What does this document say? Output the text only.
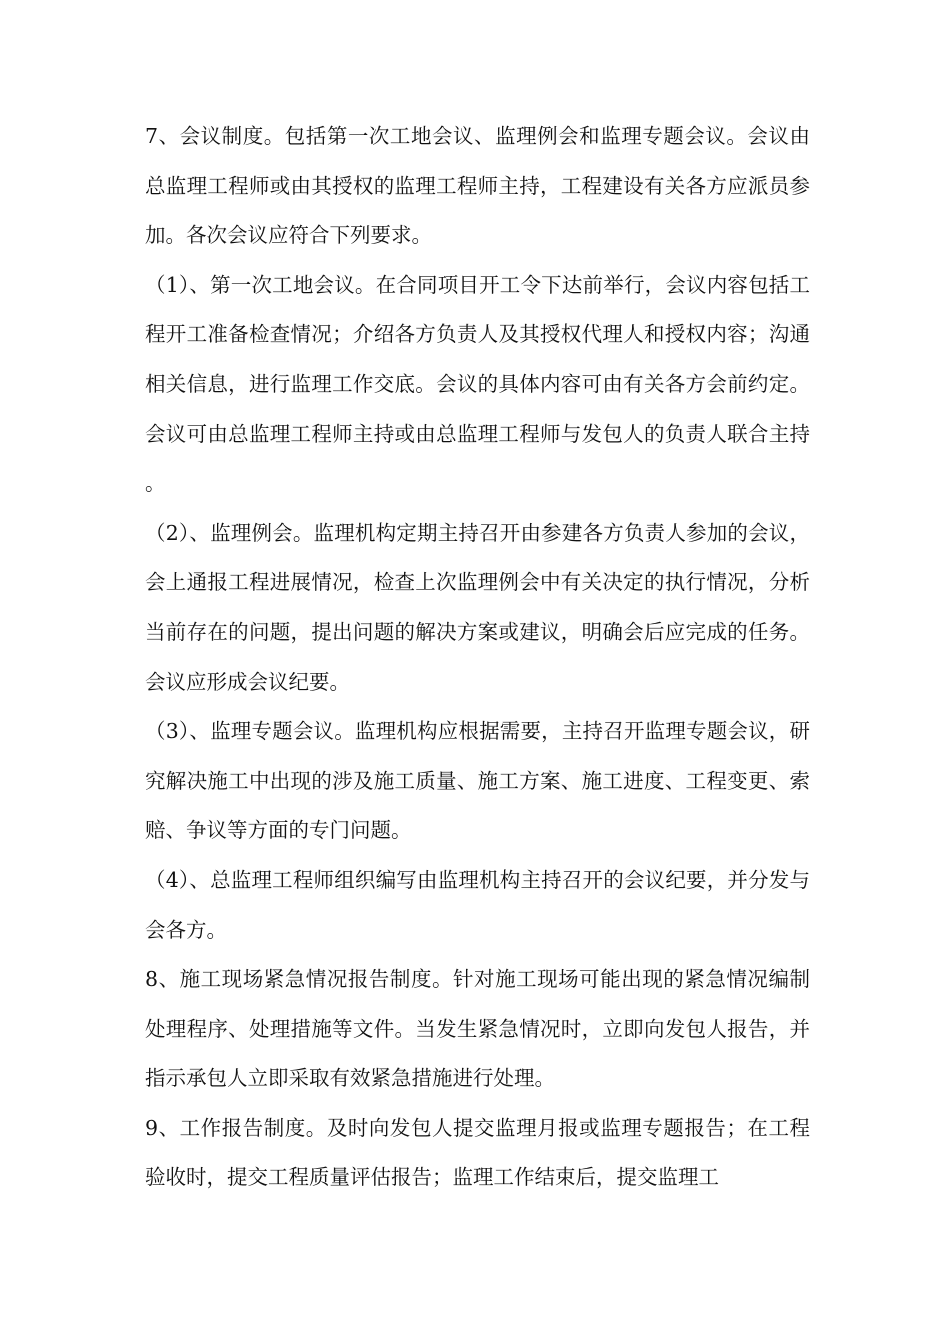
7、会议制度。包括第一次工地会议、监理例会和监理专题会议。会议由总监理工程师或由其授权的监理工程师主持，工程建设有关各方应派员参加。各次会议应符合下列要求。

（1）、第一次工地会议。在合同项目开工令下达前举行，会议内容包括工程开工准备检查情况；介绍各方负责人及其授权代理人和授权内容；沟通相关信息，进行监理工作交底。会议的具体内容可由有关各方会前约定。会议可由总监理工程师主持或由总监理工程师与发包人的负责人联合主持。

（2）、监理例会。监理机构定期主持召开由参建各方负责人参加的会议，会上通报工程进展情况，检查上次监理例会中有关决定的执行情况，分析当前存在的问题，提出问题的解决方案或建议，明确会后应完成的任务。会议应形成会议纪要。

（3）、监理专题会议。监理机构应根据需要，主持召开监理专题会议，研究解决施工中出现的涉及施工质量、施工方案、施工进度、工程变更、索赔、争议等方面的专门问题。

（4）、总监理工程师组织编写由监理机构主持召开的会议纪要，并分发与会各方。

8、施工现场紧急情况报告制度。针对施工现场可能出现的紧急情况编制处理程序、处理措施等文件。当发生紧急情况时，立即向发包人报告，并指示承包人立即采取有效紧急措施进行处理。

9、工作报告制度。及时向发包人提交监理月报或监理专题报告；在工程验收时，提交工程质量评估报告；监理工作结束后，提交监理工
